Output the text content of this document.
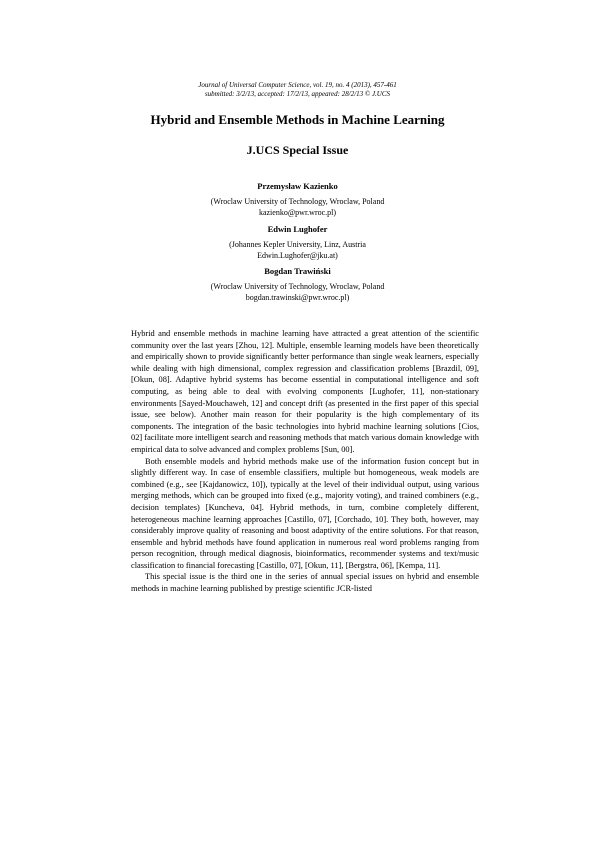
Journal of Universal Computer Science, vol. 19, no. 4 (2013), 457-461
submitted: 3/2/13, accepted: 17/2/13, appeared: 28/2/13 © J.UCS
Hybrid and Ensemble Methods in Machine Learning
J.UCS Special Issue
Przemysław Kazienko
(Wroclaw University of Technology, Wroclaw, Poland
kazienko@pwr.wroc.pl)
Edwin Lughofer
(Johannes Kepler University, Linz, Austria
Edwin.Lughofer@jku.at)
Bogdan Trawiński
(Wroclaw University of Technology, Wroclaw, Poland
bogdan.trawinski@pwr.wroc.pl)

Hybrid and ensemble methods in machine learning have attracted a great attention of the scientific community over the last years [Zhou, 12]. Multiple, ensemble learning models have been theoretically and empirically shown to provide significantly better performance than single weak learners, especially while dealing with high dimensional, complex regression and classification problems [Brazdil, 09], [Okun, 08]. Adaptive hybrid systems has become essential in computational intelligence and soft computing, as being able to deal with evolving components [Lughofer, 11], non-stationary environments [Sayed-Mouchaweh, 12] and concept drift (as presented in the first paper of this special issue, see below). Another main reason for their popularity is the high complementary of its components. The integration of the basic technologies into hybrid machine learning solutions [Cios, 02] facilitate more intelligent search and reasoning methods that match various domain knowledge with empirical data to solve advanced and complex problems [Sun, 00].

Both ensemble models and hybrid methods make use of the information fusion concept but in slightly different way. In case of ensemble classifiers, multiple but homogeneous, weak models are combined (e.g., see [Kajdanowicz, 10]), typically at the level of their individual output, using various merging methods, which can be grouped into fixed (e.g., majority voting), and trained combiners (e.g., decision templates) [Kuncheva, 04]. Hybrid methods, in turn, combine completely different, heterogeneous machine learning approaches [Castillo, 07], [Corchado, 10]. They both, however, may considerably improve quality of reasoning and boost adaptivity of the entire solutions. For that reason, ensemble and hybrid methods have found application in numerous real word problems ranging from person recognition, through medical diagnosis, bioinformatics, recommender systems and text/music classification to financial forecasting [Castillo, 07], [Okun, 11], [Bergstra, 06], [Kempa, 11].

This special issue is the third one in the series of annual special issues on hybrid and ensemble methods in machine learning published by prestige scientific JCR-listed
